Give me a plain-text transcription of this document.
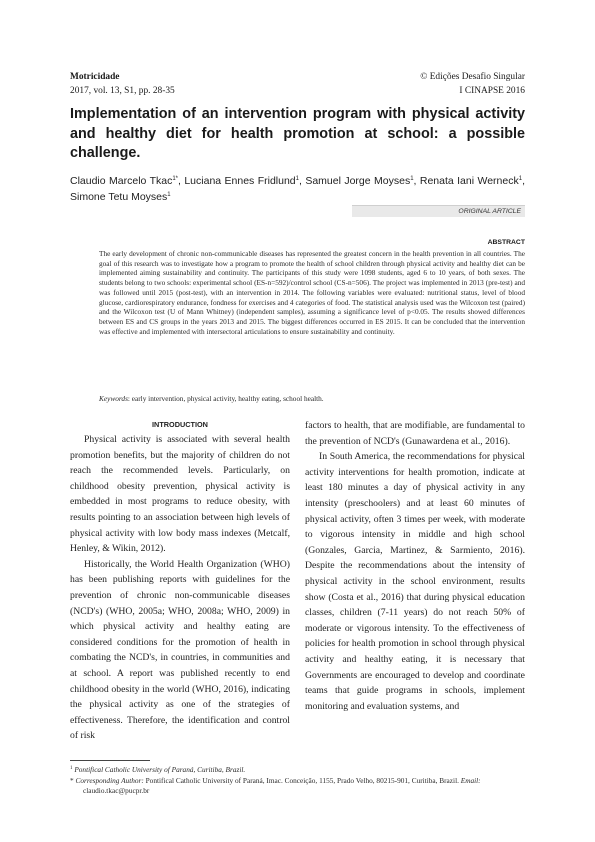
Motricidade	© Edições Desafio Singular
2017, vol. 13, S1, pp. 28-35	I CINAPSE 2016
Implementation of an intervention program with physical activity and healthy diet for health promotion at school: a possible challenge.
Claudio Marcelo Tkac$^{1*}$, Luciana Ennes Fridlund$^1$, Samuel Jorge Moyses$^1$, Renata Iani Werneck$^1$, Simone Tetu Moyses$^1$
ORIGINAL ARTICLE
ABSTRACT
The early development of chronic non-communicable diseases has represented the greatest concern in the health prevention in all countries. The goal of this research was to investigate how a program to promote the health of school children through physical activity and healthy diet can be implemented aiming sustainability and continuity. The participants of this study were 1098 students, aged 6 to 10 years, of both sexes. The students belong to two schools: experimental school (ES-n=592)/control school (CS-n=506). The project was implemented in 2013 (pre-test) and was followed until 2015 (post-test), with an intervention in 2014. The following variables were evaluated: nutritional status, level of blood glucose, cardiorespiratory endurance, fondness for exercises and 4 categories of food. The statistical analysis used was the Wilcoxon test (paired) and the Wilcoxon test (U of Mann Whitney) (independent samples), assuming a significance level of p<0.05. The results showed differences between ES and CS groups in the years 2013 and 2015. The biggest differences occurred in ES 2015. It can be concluded that the intervention was effective and implemented with intersectoral articulations to ensure sustainability and continuity.
Keywords: early intervention, physical activity, healthy eating, school health.
INTRODUCTION

Physical activity is associated with several health promotion benefits, but the majority of children do not reach the recommended levels. Particularly, on childhood obesity prevention, physical activity is embedded in most programs to reduce obesity, with results pointing to an association between high levels of physical activity with low body mass indexes (Metcalf, Henley, & Wikin, 2012).

Historically, the World Health Organization (WHO) has been publishing reports with guidelines for the prevention of chronic non-communicable diseases (NCD's) (WHO, 2005a; WHO, 2008a; WHO, 2009) in which physical activity and healthy eating are considered conditions for the promotion of health in combating the NCD's, in countries, in communities and at school. A report was published recently to end childhood obesity in the world (WHO, 2016), indicating the physical activity as one of the strategies of effectiveness. Therefore, the identification and control of risk

factors to health, that are modifiable, are fundamental to the prevention of NCD's (Gunawardena et al., 2016).

In South America, the recommendations for physical activity interventions for health promotion, indicate at least 180 minutes a day of physical activity in any intensity (preschoolers) and at least 60 minutes of physical activity, often 3 times per week, with moderate to vigorous intensity in middle and high school (Gonzales, Garcia, Martinez, & Sarmiento, 2016). Despite the recommendations about the intensity of physical activity in the school environment, results show (Costa et al., 2016) that during physical education classes, children (7-11 years) do not reach 50% of moderate or vigorous intensity. To the effectiveness of policies for health promotion in school through physical activity and healthy eating, it is necessary that Governments are encouraged to develop and coordinate teams that guide programs in schools, implement monitoring and evaluation systems, and

$^1$ Pontifical Catholic University of Paraná, Curitiba, Brazil.
* Corresponding Author: Pontifical Catholic University of Paraná, Imac. Conceição, 1155, Prado Velho, 80215-901, Curitiba, Brazil. Email: claudio.tkac@pucpr.br
